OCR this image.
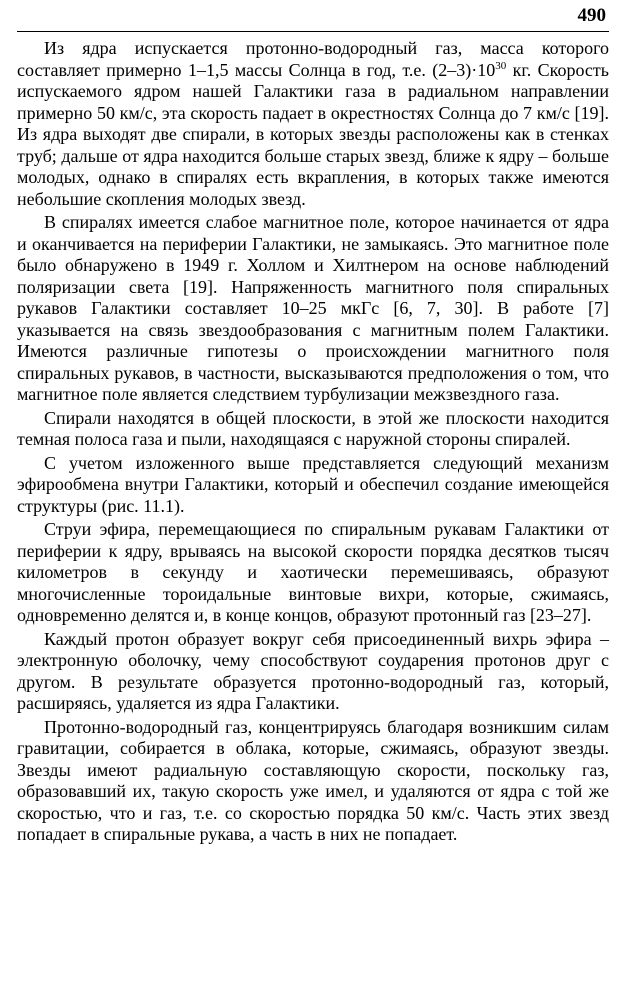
490

Из ядра испускается протонно-водородный газ, масса которого составляет примерно 1–1,5 массы Солнца в год, т.е. $(2-3)\cdot 10^{30}$ кг. Скорость испускаемого ядром нашей Галактики газа в радиальном направлении примерно 50 км/с, эта скорость падает в окрестностях Солнца до 7 км/с [19]. Из ядра выходят две спирали, в которых звезды расположены как в стенках труб; дальше от ядра находится больше старых звезд, ближе к ядру – больше молодых, однако в спиралях есть вкрапления, в которых также имеются небольшие скопления молодых звезд.

В спиралях имеется слабое магнитное поле, которое начинается от ядра и оканчивается на периферии Галактики, не замыкаясь. Это магнитное поле было обнаружено в 1949 г. Холлом и Хилтнером на основе наблюдений поляризации света [19]. Напряженность магнитного поля спиральных рукавов Галактики составляет 10–25 мкГс [6, 7, 30]. В работе [7] указывается на связь звездообразования с магнитным полем Галактики. Имеются различные гипотезы о происхождении магнитного поля спиральных рукавов, в частности, высказываются предположения о том, что магнитное поле является следствием турбулизации межзвездного газа.

Спирали находятся в общей плоскости, в этой же плоскости находится темная полоса газа и пыли, находящаяся с наружной стороны спиралей.

С учетом изложенного выше представляется следующий механизм эфирообмена внутри Галактики, который и обеспечил создание имеющейся структуры (рис. 11.1).

Струи эфира, перемещающиеся по спиральным рукавам Галактики от периферии к ядру, врываясь на высокой скорости порядка десятков тысяч километров в секунду и хаотически перемешиваясь, образуют многочисленные тороидальные винтовые вихри, которые, сжимаясь, одновременно делятся и, в конце концов, образуют протонный газ [23–27].

Каждый протон образует вокруг себя присоединенный вихрь эфира – электронную оболочку, чему способствуют соударения протонов друг с другом. В результате образуется протонно-водородный газ, который, расширяясь, удаляется из ядра Галактики.

Протонно-водородный газ, концентрируясь благодаря возникшим силам гравитации, собирается в облака, которые, сжимаясь, образуют звезды. Звезды имеют радиальную составляющую скорости, поскольку газ, образовавший их, такую скорость уже имел, и удаляются от ядра с той же скоростью, что и газ, т.е. со скоростью порядка 50 км/с. Часть этих звезд попадает в спиральные рукава, а часть в них не попадает.
